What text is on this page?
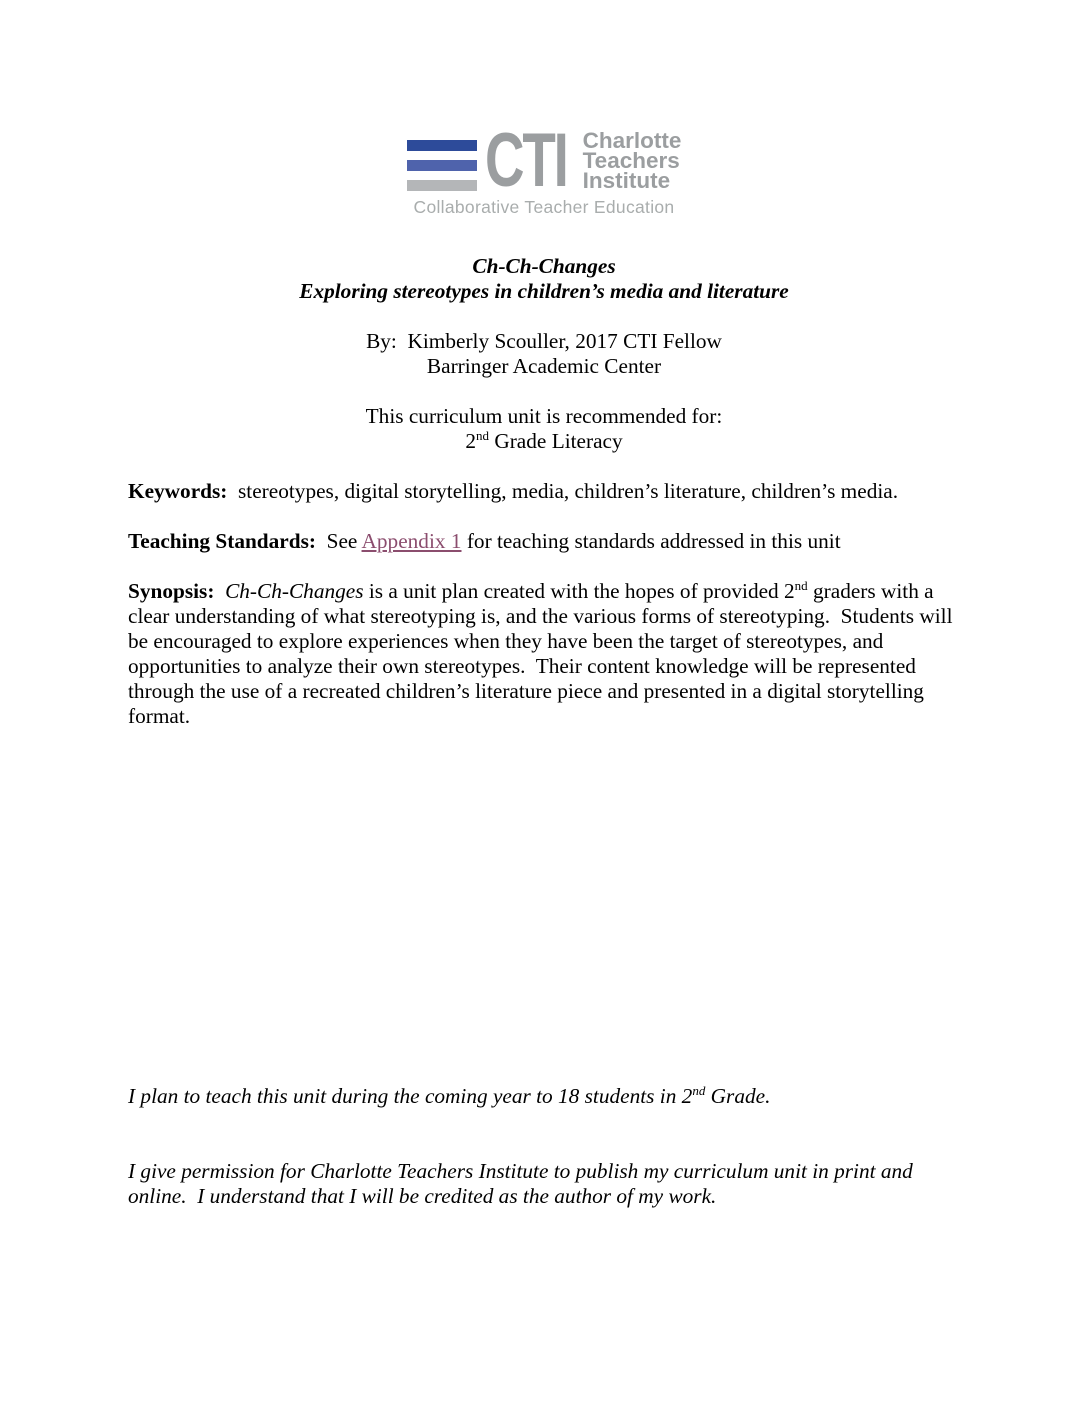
CTI Charlotte
Teachers
Institute
Collaborative Teacher Education

Ch-Ch-Changes

Exploring stereotypes in children’s media and literature

By:  Kimberly Scouller, 2017 CTI Fellow

Barringer Academic Center

This curriculum unit is recommended for:

2nd Grade Literacy

Keywords:  stereotypes, digital storytelling, media, children’s literature, children’s media.

Teaching Standards:  See Appendix 1 for teaching standards addressed in this unit

Synopsis: Ch-Ch-Changes is a unit plan created with the hopes of provided 2nd graders with a clear understanding of what stereotyping is, and the various forms of stereotyping.  Students will be encouraged to explore experiences when they have been the target of stereotypes, and opportunities to analyze their own stereotypes.  Their content knowledge will be represented through the use of a recreated children’s literature piece and presented in a digital storytelling format.

I plan to teach this unit during the coming year to 18 students in 2nd Grade.

I give permission for Charlotte Teachers Institute to publish my curriculum unit in print and online.  I understand that I will be credited as the author of my work.
